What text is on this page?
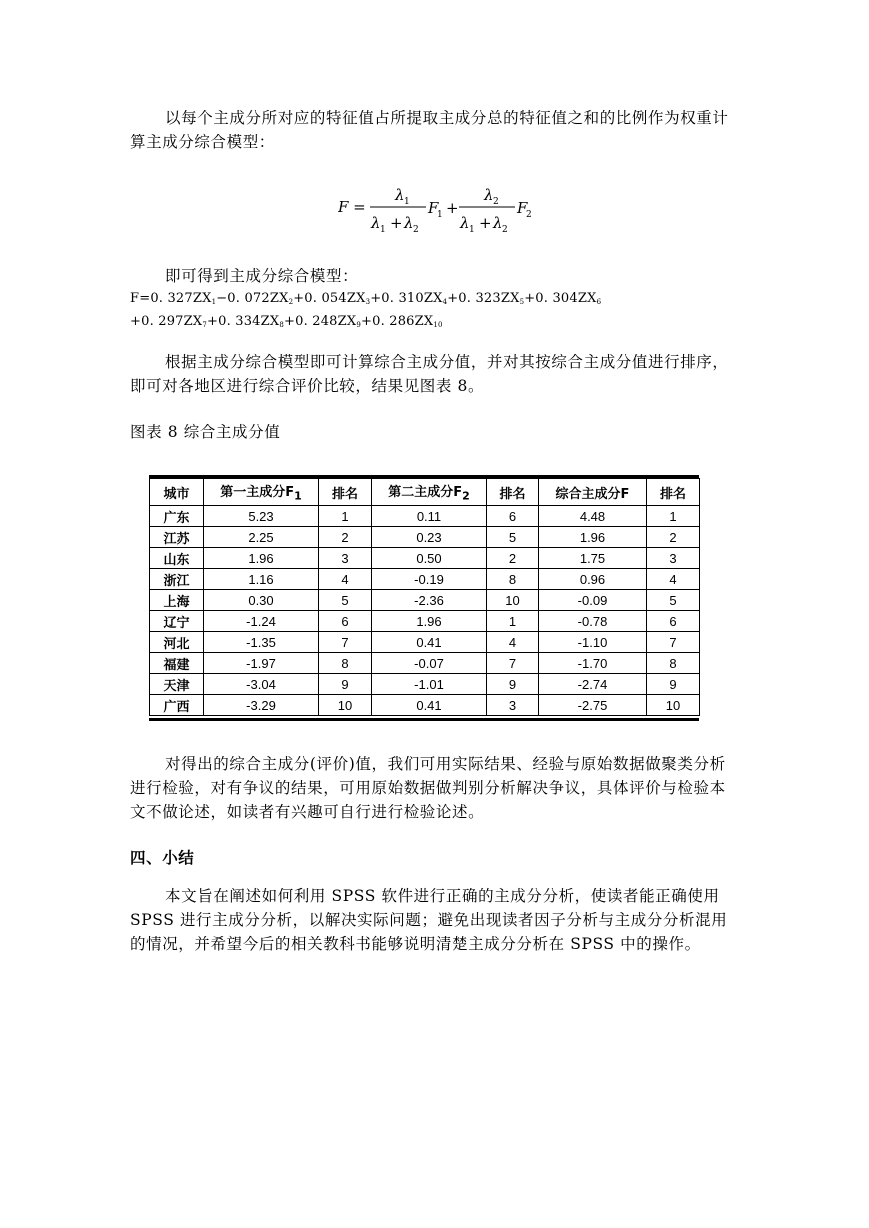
以每个主成分所对应的特征值占所提取主成分总的特征值之和的比例作为权重计算主成分综合模型：

F =
λ 1
λ 1 + λ 2
F
1 +
λ 2
λ 1 + λ 2
F
2

即可得到主成分综合模型：

F=0. $327ZX_1-0$. $072ZX_2+0$. $054ZX_3+0$. $310ZX_4+0$. $323ZX_5+0$. $304ZX_6$

+0. $297ZX_7+0$. $334ZX_8+0$. $248ZX_9+0$. $286ZX_{10}$

根据主成分综合模型即可计算综合主成分值，并对其按综合主成分值进行排序，即可对各地区进行综合评价比较，结果见图表 8。

图表 8 综合主成分值

城市	第一主成分$F_1$	排名	第二主成分$F_2$	排名	综合主成分F	排名
广东	5.23	1	0.11	6	4.48	1
江苏	2.25	2	0.23	5	1.96	2
山东	1.96	3	0.50	2	1.75	3
浙江	1.16	4	-0.19	8	0.96	4
上海	0.30	5	-2.36	10	-0.09	5
辽宁	-1.24	6	1.96	1	-0.78	6
河北	-1.35	7	0.41	4	-1.10	7
福建	-1.97	8	-0.07	7	-1.70	8
天津	-3.04	9	-1.01	9	-2.74	9
广西	-3.29	10	0.41	3	-2.75	10

对得出的综合主成分(评价)值，我们可用实际结果、经验与原始数据做聚类分析进行检验，对有争议的结果，可用原始数据做判别分析解决争议，具体评价与检验本文不做论述，如读者有兴趣可自行进行检验论述。

四、小结

本文旨在阐述如何利用 SPSS 软件进行正确的主成分分析，使读者能正确使用 SPSS 进行主成分分析，以解决实际问题；避免出现读者因子分析与主成分分析混用的情况，并希望今后的相关教科书能够说明清楚主成分分析在 SPSS 中的操作。
